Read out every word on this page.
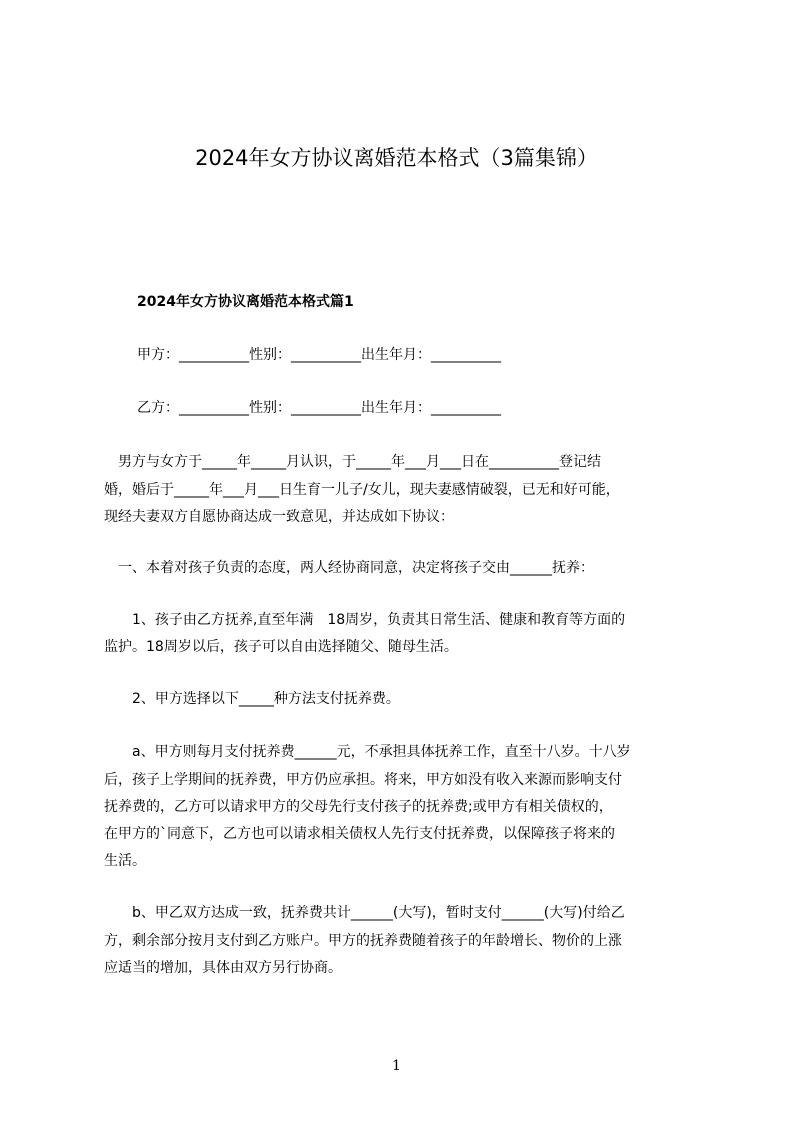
2024年女方协议离婚范本格式（3篇集锦）
2024年女方协议离婚范本格式篇1

甲方：__________性别：__________出生年月：__________

乙方：__________性别：__________出生年月：__________

　男方与女方于_____年_____月认识，于_____年___月___日在__________登记结

婚，婚后于_____年___月___日生育一儿子/女儿，现夫妻感情破裂，已无和好可能，

现经夫妻双方自愿协商达成一致意见，并达成如下协议：

　一、本着对孩子负责的态度，两人经协商同意，决定将孩子交由______抚养：

　　1、孩子由乙方抚养,直至年满　18周岁，负责其日常生活、健康和教育等方面的

监护。18周岁以后，孩子可以自由选择随父、随母生活。

　　2、甲方选择以下_____种方法支付抚养费。

　　a、甲方则每月支付抚养费______元，不承担具体抚养工作，直至十八岁。十八岁

后，孩子上学期间的抚养费，甲方仍应承担。将来，甲方如没有收入来源而影响支付

抚养费的，乙方可以请求甲方的父母先行支付孩子的抚养费;或甲方有相关债权的，

在甲方的`同意下，乙方也可以请求相关债权人先行支付抚养费，以保障孩子将来的

生活。

　　b、甲乙双方达成一致，抚养费共计______(大写)，暂时支付______(大写)付给乙

方，剩余部分按月支付到乙方账户。甲方的抚养费随着孩子的年龄增长、物价的上涨

应适当的增加，具体由双方另行协商。

1
